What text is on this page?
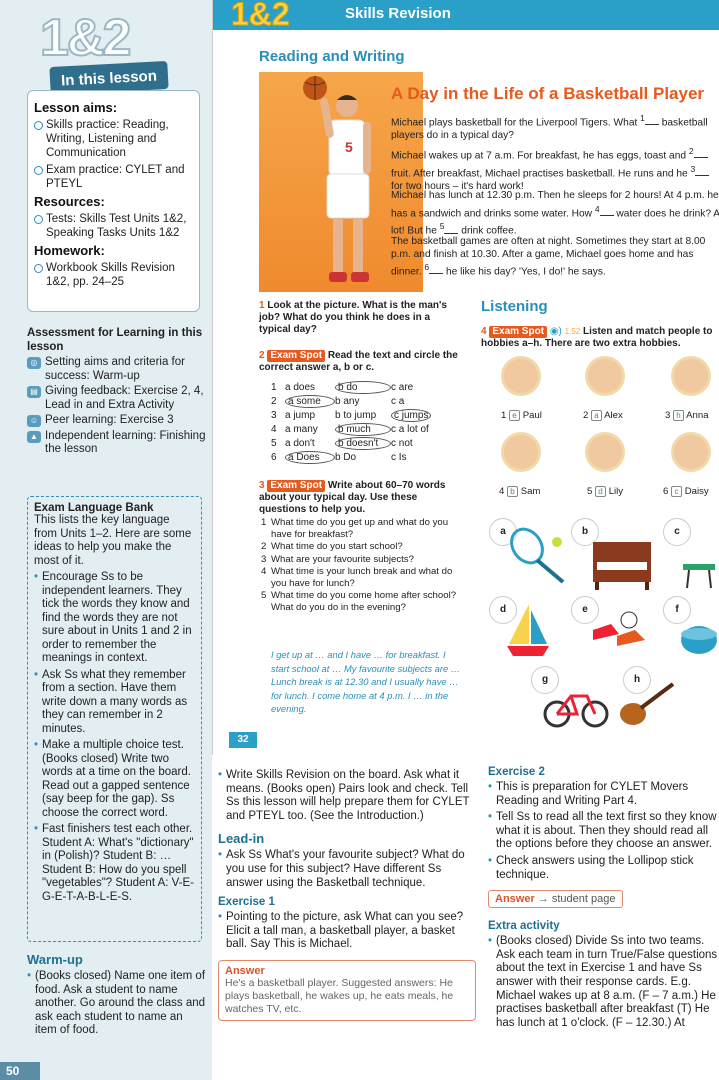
1&2
In this lesson
Lesson aims:
Skills practice: Reading, Writing, Listening and Communication
Exam practice: CYLET and PTEYL
Resources:
Tests: Skills Test Units 1&2, Speaking Tasks Units 1&2
Homework:
Workbook Skills Revision 1&2, pp. 24–25
Assessment for Learning in this lesson
◎ Setting aims and criteria for success: Warm-up
▤ Giving feedback: Exercise 2, 4, Lead in and Extra Activity
☺ Peer learning: Exercise 3
▲ Independent learning: Finishing the lesson
Exam Language Bank
This lists the key language from Units 1–2. Here are some ideas to help you make the most of it.
• Encourage Ss to be independent learners. They tick the words they know and find the words they are not sure about in Units 1 and 2 in order to remember the meanings in context.
• Ask Ss what they remember from a section. Have them write down a many words as they can remember in 2 minutes.
• Make a multiple choice test. (Books closed) Write two words at a time on the board. Read out a gapped sentence (say beep for the gap). Ss choose the correct word.
• Fast finishers test each other. Student A: What's "dictionary" in (Polish)? Student B: … Student B: How do you spell "vegetables"? Student A: V-E-G-E-T-A-B-L-E-S.
Warm-up
• (Books closed) Name one item of food. Ask a student to name another. Go around the class and ask each student to name an item of food.
50
1&2	Skills Revision
Reading and Writing
5
A Day in the Life of a Basketball Player
Michael plays basketball for the Liverpool Tigers. What $^1$ basketball players do in a typical day?
Michael wakes up at 7 a.m. For breakfast, he has eggs, toast and $^2$ fruit. After breakfast, Michael practises basketball. He runs and he $^3$ for two hours – it's hard work!
Michael has lunch at 12.30 p.m. Then he sleeps for 2 hours! At 4 p.m. he has a sandwich and drinks some water. How $^4$ water does he drink? A lot! But he $^5$ drink coffee.
The basketball games are often at night. Sometimes they start at 8.00 p.m. and finish at 10.30. After a game, Michael goes home and has dinner. $^6$ he like his day? 'Yes, I do!' he says.
1 Look at the picture. What is the man's job? What do you think he does in a typical day?
2 Exam Spot Read the text and circle the correct answer a, b or c.
1 a does	b do	c are
2	a some	b any	c a
3 a jump	b to jump	c jumps
4 a many	b much	c a lot of
5 a don't	b doesn't	c not
6	a Does	b Do	c Is
3 Exam Spot Write about 60–70 words about your typical day. Use these questions to help you.
1 What time do you get up and what do you have for breakfast?
2 What time do you start school?
3 What are your favourite subjects?
4 What time is your lunch break and what do you have for lunch?
5 What time do you come home after school? What do you do in the evening?
I get up at … and I have … for breakfast. I start school at … My favourite subjects are … Lunch break is at 12.30 and I usually have … for lunch. I come home at 4 p.m. I … in the evening.
32
Listening
4 Exam Spot ◉) 1.52 Listen and match people to hobbies a–h. There are two extra hobbies.
1 e Paul	2 a Alex	3 h Anna
4 b Sam	5 d Lily	6 c Daisy
a	b	c
d	e	f
g	h
• Write Skills Revision on the board. Ask what it means. (Books open) Pairs look and check. Tell Ss this lesson will help prepare them for CYLET and PTEYL too. (See the Introduction.)
Lead-in
• Ask Ss What's your favourite subject? What do you use for this subject? Have different Ss answer using the Basketball technique.
Exercise 1
• Pointing to the picture, ask What can you see? Elicit a tall man, a basketball player, a basket ball. Say This is Michael.
Answer
He's a basketball player. Suggested answers: He plays basketball, he wakes up, he eats meals, he watches TV, etc.
Exercise 2
• This is preparation for CYLET Movers Reading and Writing Part 4.
• Tell Ss to read all the text first so they know what it is about. Then they should read all the options before they choose an answer.
• Check answers using the Lollipop stick technique.
Answer → student page
Extra activity
• (Books closed) Divide Ss into two teams. Ask each team in turn True/False questions about the text in Exercise 1 and have Ss answer with their response cards. E.g. Michael wakes up at 8 a.m. (F – 7 a.m.) He practises basketball after breakfast (T) He has lunch at 1 o'clock. (F – 12.30.) At
